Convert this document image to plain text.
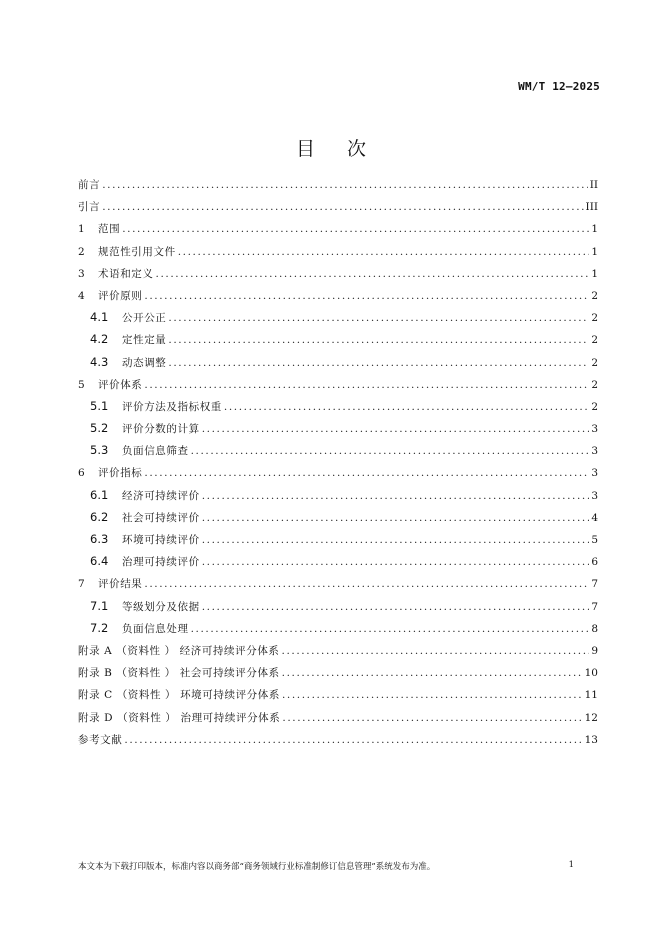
WM/T 12—2025
目次
前言 .....	II
引言 .....	III
1	范围 .....	1
2	规范性引用文件 .....	1
3	术语和定义 .....	1
4	评价原则 .....	2
4.1	公开公正 .....	2
4.2	定性定量 .....	2
4.3	动态调整 .....	2
5	评价体系 .....	2
5.1	评价方法及指标权重 .....	2
5.2	评价分数的计算 .....	3
5.3	负面信息筛查 .....	3
6	评价指标 .....	3
6.1	经济可持续评价 .....	3
6.2	社会可持续评价 .....	4
6.3	环境可持续评价 .....	5
6.4	治理可持续评价 .....	6
7	评价结果 .....	7
7.1	等级划分及依据 .....	7
7.2	负面信息处理 .....	8
附录 A （资料性 ） 经济可持续评分体系 .....	9
附录 B （资料性 ） 社会可持续评分体系 .....	10
附录 C （资料性 ） 环境可持续评分体系 .....	11
附录 D （资料性 ） 治理可持续评分体系 .....	12
参考文献 .....	13
本文本为下载打印版本，标准内容以商务部“商务领域行业标准制修订信息管理”系统发布为准。	1
